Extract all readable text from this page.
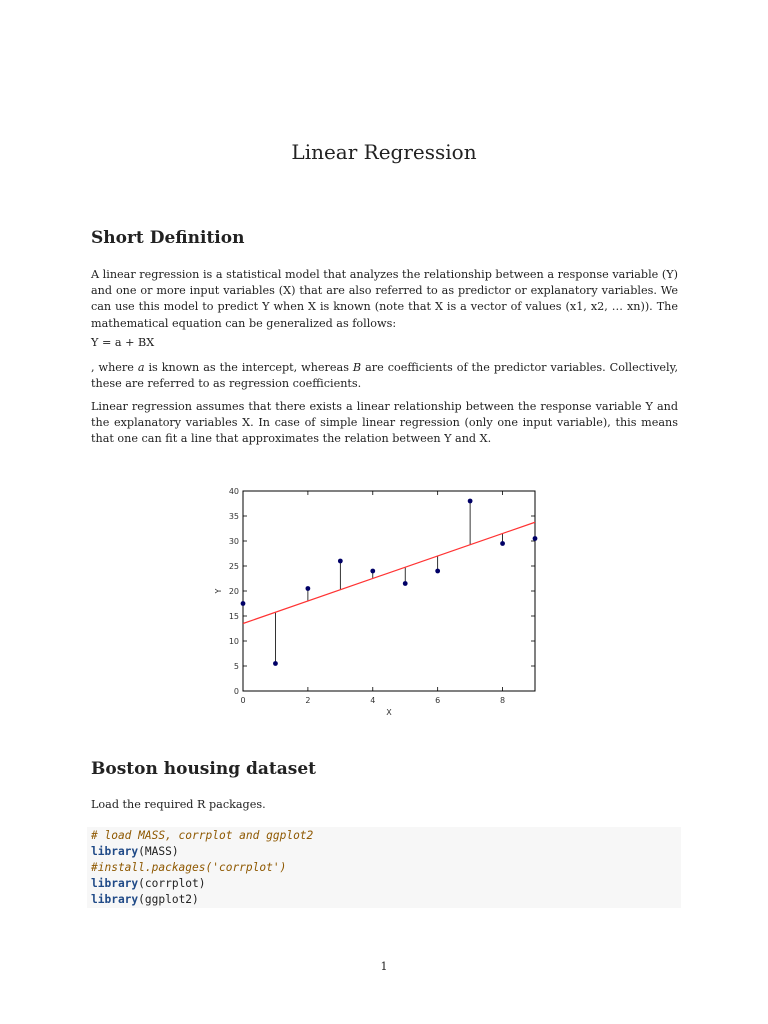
Linear Regression
Short Definition

A linear regression is a statistical model that analyzes the relationship between a response variable (Y) and one or more input variables (X) that are also referred to as predictor or explanatory variables. We can use this model to predict Y when X is known (note that X is a vector of values (x1, x2, … xn)). The mathematical equation can be generalized as follows:

Y = a + BX

, where a is known as the intercept, whereas B are coefficients of the predictor variables. Collectively, these are referred to as regression coefficients.

Linear regression assumes that there exists a linear relationship between the response variable Y and the explanatory variables X. In case of simple linear regression (only one input variable), this means that one can fit a line that approximates the relation between Y and X.

0	2	4	6	8
0
5
10
15
20
25
30
35
40
X
Y
Boston housing dataset

Load the required R packages.

# load MASS, corrplot and ggplot2
library(MASS)
#install.packages('corrplot')
library(corrplot)
library(ggplot2)
1
